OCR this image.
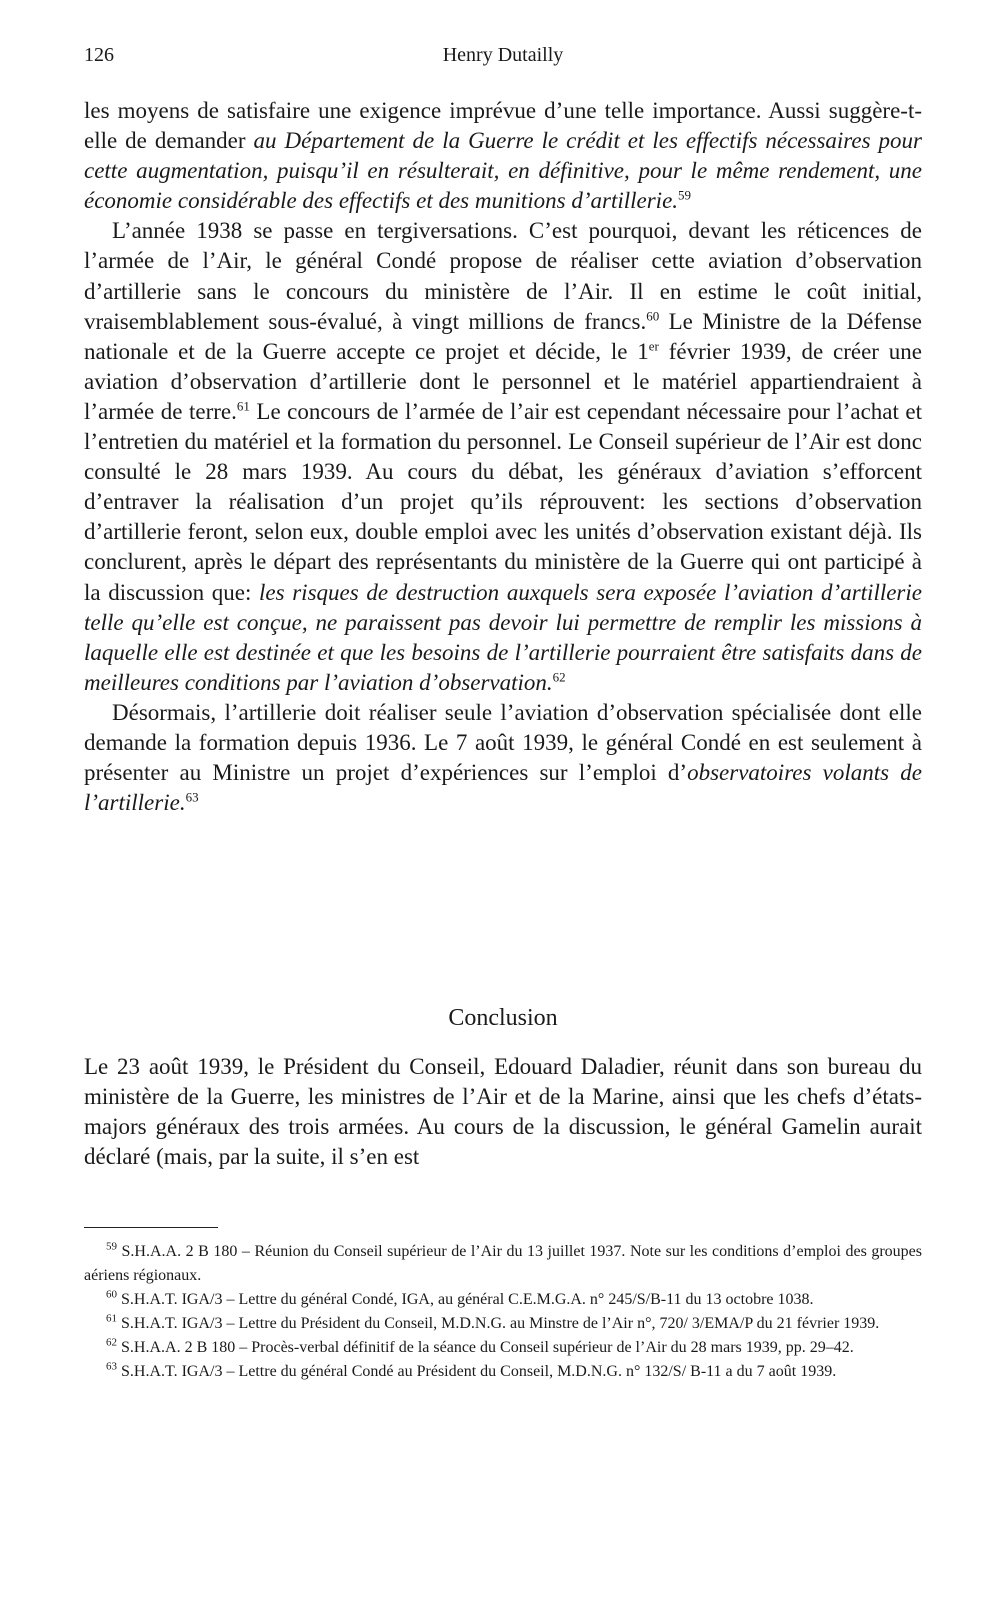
126	Henry Dutailly

les moyens de satisfaire une exigence imprévue d’une telle importance. Aussi suggère-t-elle de demander au Département de la Guerre le crédit et les effectifs nécessaires pour cette augmentation, puisqu’il en résulterait, en définitive, pour le même rendement, une économie considérable des effectifs et des munitions d’artillerie.$^{59}$

L’année 1938 se passe en tergiversations. C’est pourquoi, devant les réticences de l’armée de l’Air, le général Condé propose de réaliser cette aviation d’observation d’artillerie sans le concours du ministère de l’Air. Il en estime le coût initial, vraisemblablement sous-évalué, à vingt millions de francs.$^{60}$ Le Ministre de la Défense nationale et de la Guerre accepte ce projet et décide, le 1er février 1939, de créer une aviation d’observation d’artillerie dont le personnel et le matériel appartiendraient à l’armée de terre.$^{61}$ Le concours de l’armée de l’air est cependant nécessaire pour l’achat et l’entretien du matériel et la formation du personnel. Le Conseil supérieur de l’Air est donc consulté le 28 mars 1939. Au cours du débat, les généraux d’aviation s’efforcent d’entraver la réalisation d’un projet qu’ils réprouvent: les sections d’observation d’artillerie feront, selon eux, double emploi avec les unités d’observation existant déjà. Ils conclurent, après le départ des représentants du ministère de la Guerre qui ont participé à la discussion que: les risques de destruction auxquels sera exposée l’aviation d’artillerie telle qu’elle est conçue, ne paraissent pas devoir lui permettre de remplir les missions à laquelle elle est destinée et que les besoins de l’artillerie pourraient être satisfaits dans de meilleures conditions par l’aviation d’observation.$^{62}$

Désormais, l’artillerie doit réaliser seule l’aviation d’observation spécialisée dont elle demande la formation depuis 1936. Le 7 août 1939, le général Condé en est seulement à présenter au Ministre un projet d’expériences sur l’emploi d’observatoires volants de l’artillerie.$^{63}$

Conclusion

Le 23 août 1939, le Président du Conseil, Edouard Daladier, réunit dans son bureau du ministère de la Guerre, les ministres de l’Air et de la Marine, ainsi que les chefs d’états-majors généraux des trois armées. Au cours de la discussion, le général Gamelin aurait déclaré (mais, par la suite, il s’en est

$^{59}$ S.H.A.A. 2 B 180 – Réunion du Conseil supérieur de l’Air du 13 juillet 1937. Note sur les conditions d’emploi des groupes aériens régionaux.

$^{60}$ S.H.A.T. IGA/3 – Lettre du général Condé, IGA, au général C.E.M.G.A. n° 245/S/B-11 du 13 octobre 1038.

$^{61}$ S.H.A.T. IGA/3 – Lettre du Président du Conseil, M.D.N.G. au Minstre de l’Air n°, 720/ 3/EMA/P du 21 février 1939.

$^{62}$ S.H.A.A. 2 B 180 – Procès-verbal définitif de la séance du Conseil supérieur de l’Air du 28 mars 1939, pp. 29–42.

$^{63}$ S.H.A.T. IGA/3 – Lettre du général Condé au Président du Conseil, M.D.N.G. n° 132/S/ B-11 a du 7 août 1939.
